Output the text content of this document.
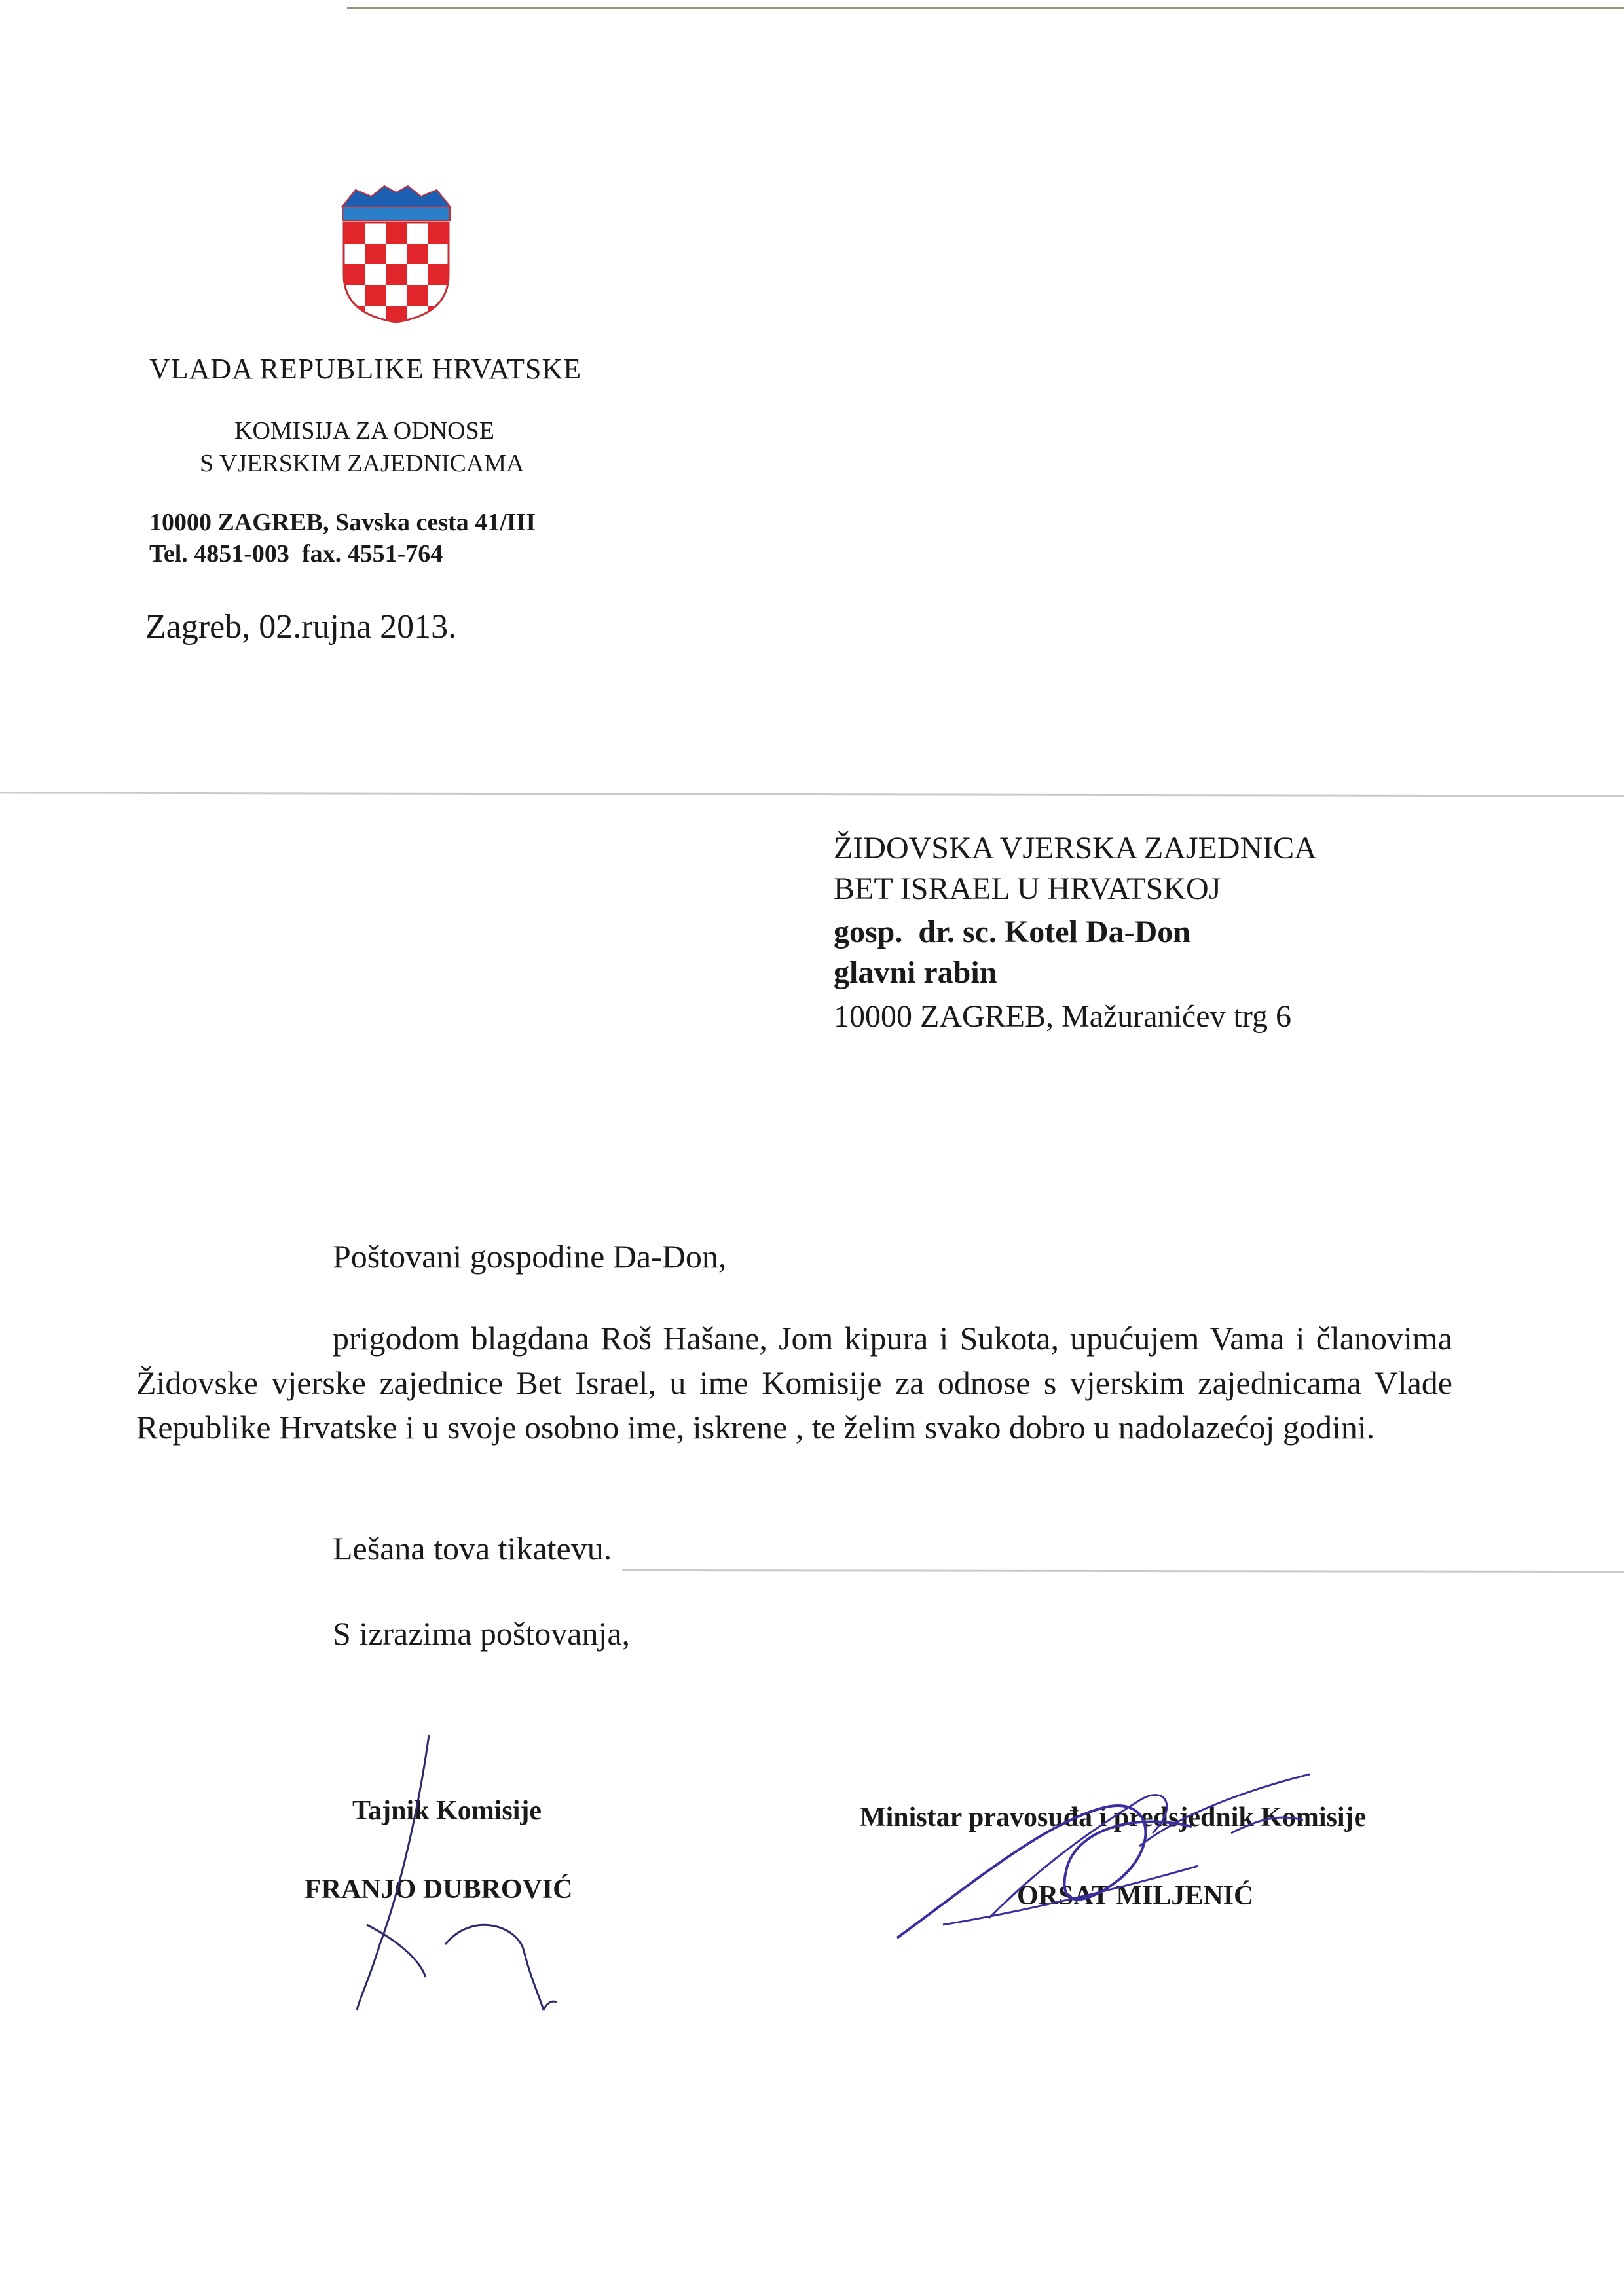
VLADA REPUBLIKE HRVATSKE
KOMISIJA ZA ODNOSE
S VJERSKIM ZAJEDNICAMA
10000 ZAGREB, Savska cesta 41/III
Tel. 4851-003  fax. 4551-764
Zagreb, 02.rujna 2013.
ŽIDOVSKA VJERSKA ZAJEDNICA
BET ISRAEL U HRVATSKOJ
gosp.  dr. sc. Kotel Da-Don
glavni rabin
10000 ZAGREB, Mažuranićev trg 6
Poštovani gospodine Da-Don,

prigodom blagdana Roš Hašane, Jom kipura i Sukota, upućujem Vama i članovima Židovske vjerske zajednice Bet Israel, u ime Komisije za odnose s vjerskim zajednicama Vlade Republike Hrvatske i u svoje osobno ime, iskrene , te želim svako dobro u nadolazećoj godini.

Lešana tova tikatevu.
S izrazima poštovanja,
Tajnik Komisije
FRANJO DUBROVIĆ
Ministar pravosuđa i predsjednik Komisije
ORSAT MILJENIĆ
